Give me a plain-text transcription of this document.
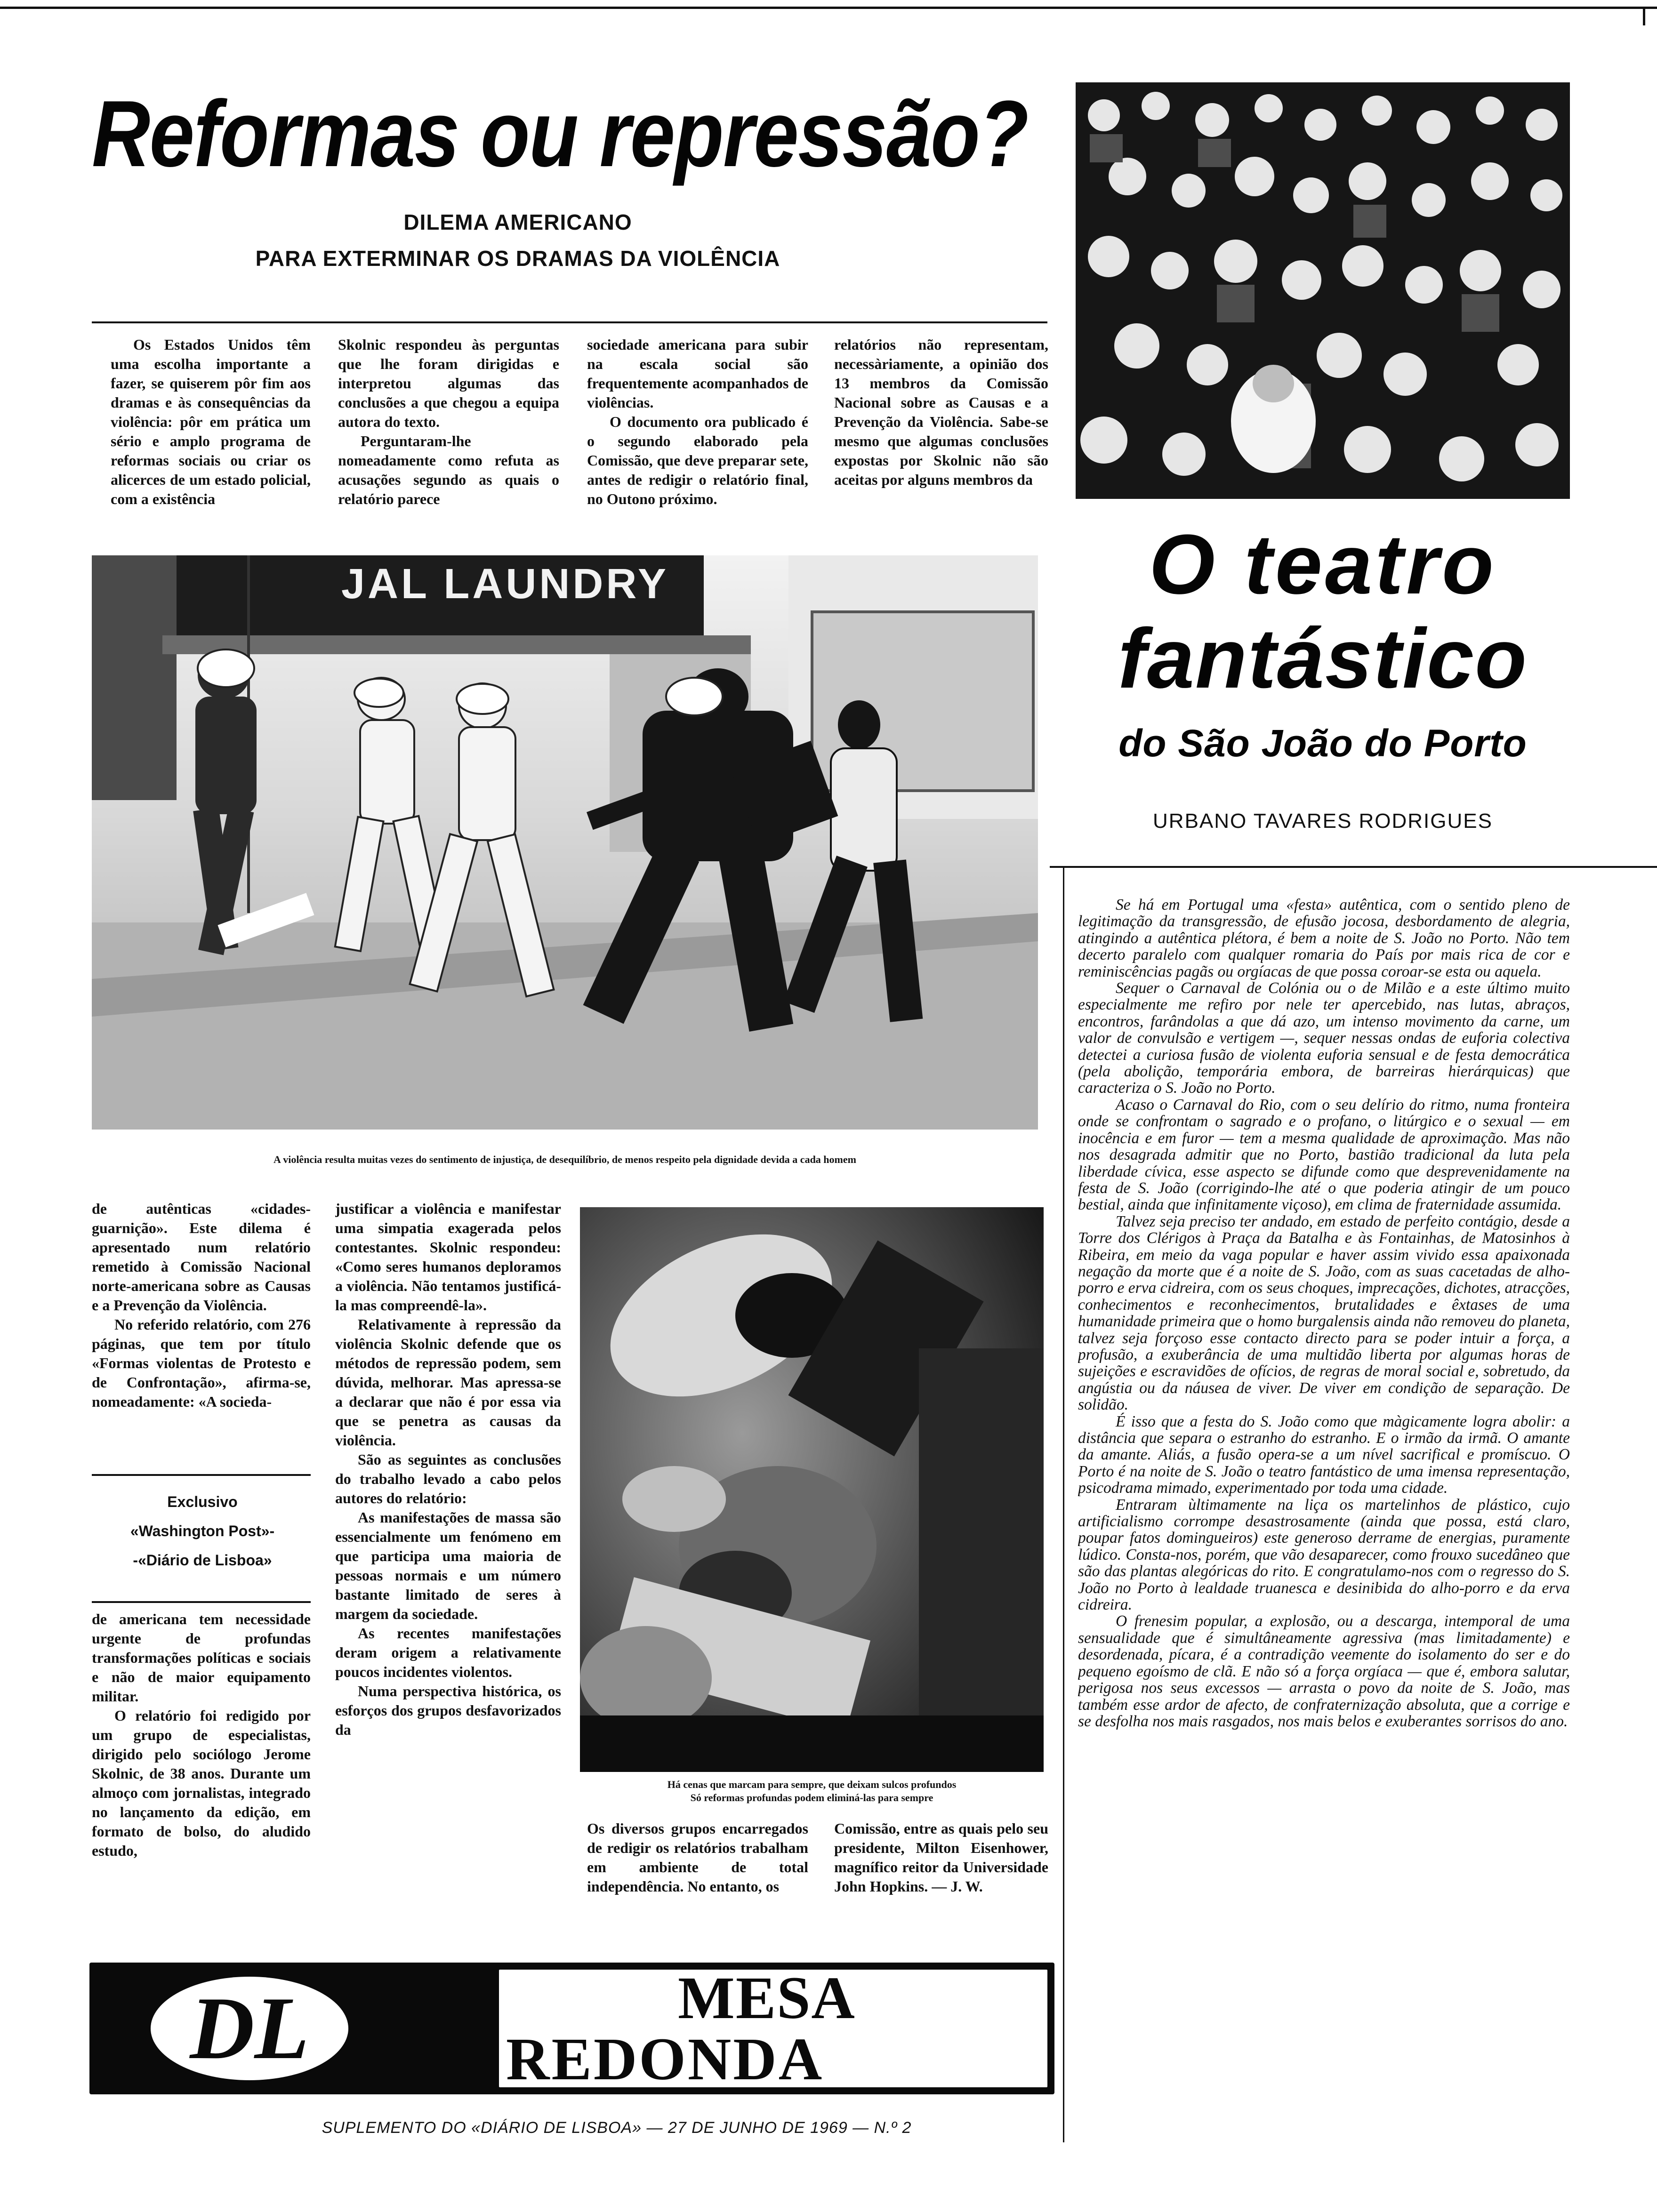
Reformas ou repressão?
DILEMA AMERICANO
PARA EXTERMINAR OS DRAMAS DA VIOLÊNCIA

Os Estados Unidos têm uma escolha importante a fazer, se quiserem pôr fim aos dramas e às consequências da violência: pôr em prática um sério e amplo programa de reformas sociais ou criar os alicerces de um estado policial, com a existência

Skolnic respondeu às perguntas que lhe foram dirigidas e interpretou algumas das conclusões a que chegou a equipa autora do texto.

Perguntaram-lhe nomeadamente como refuta as acusações segundo as quais o relatório parece

sociedade americana para subir na escala social são frequentemente acompanhados de violências.

O documento ora publicado é o segundo elaborado pela Comissão, que deve preparar sete, antes de redigir o relatório final, no Outono próximo.

relatórios não representam, necessàriamente, a opinião dos 13 membros da Comissão Nacional sobre as Causas e a Prevenção da Violência. Sabe-se mesmo que algumas conclusões expostas por Skolnic não são aceitas por alguns membros da

JAL LAUNDRY
A violência resulta muitas vezes do sentimento de injustiça, de desequilíbrio, de menos respeito pela dignidade devida a cada homem

de autênticas «cidades-guarnição». Este dilema é apresentado num relatório remetido à Comissão Nacional norte-americana sobre as Causas e a Prevenção da Violência.

No referido relatório, com 276 páginas, que tem por título «Formas violentas de Protesto e de Confrontação», afirma-se, nomeadamente: «A socieda-

Exclusivo
«Washington Post»-
-«Diário de Lisboa»

de americana tem necessidade urgente de profundas transformações políticas e sociais e não de maior equipamento militar.

O relatório foi redigido por um grupo de especialistas, dirigido pelo sociólogo Jerome Skolnic, de 38 anos. Durante um almoço com jornalistas, integrado no lançamento da edição, em formato de bolso, do aludido estudo,

justificar a violência e manifestar uma simpatia exagerada pelos contestantes. Skolnic respondeu: «Como seres humanos deploramos a violência. Não tentamos justificá-la mas compreendê-la».

Relativamente à repressão da violência Skolnic defende que os métodos de repressão podem, sem dúvida, melhorar. Mas apressa-se a declarar que não é por essa via que se penetra as causas da violência.

São as seguintes as conclusões do trabalho levado a cabo pelos autores do relatório:

As manifestações de massa são essencialmente um fenómeno em que participa uma maioria de pessoas normais e um número bastante limitado de seres à margem da sociedade.

As recentes manifestações deram origem a relativamente poucos incidentes violentos.

Numa perspectiva histórica, os esforços dos grupos desfavorizados da

Há cenas que marcam para sempre, que deixam sulcos profundos
Só reformas profundas podem eliminá-las para sempre

Os diversos grupos encarregados de redigir os relatórios trabalham em ambiente de total independência. No entanto, os

Comissão, entre as quais pelo seu presidente, Milton Eisenhower, magnífico reitor da Universidade John Hopkins. — J. W.

O teatro
fantástico
do São João do Porto
URBANO TAVARES RODRIGUES

Se há em Portugal uma «festa» autêntica, com o sentido pleno de legitimação da transgressão, de efusão jocosa, desbordamento de alegria, atingindo a autêntica plétora, é bem a noite de S. João no Porto. Não tem decerto paralelo com qualquer romaria do País por mais rica de cor e reminiscências pagãs ou orgíacas de que possa coroar-se esta ou aquela.

Sequer o Carnaval de Colónia ou o de Milão e a este último muito especialmente me refiro por nele ter apercebido, nas lutas, abraços, encontros, farândolas a que dá azo, um intenso movimento da carne, um valor de convulsão e vertigem —, sequer nessas ondas de euforia colectiva detectei a curiosa fusão de violenta euforia sensual e de festa democrática (pela abolição, temporária embora, de barreiras hierárquicas) que caracteriza o S. João no Porto.

Acaso o Carnaval do Rio, com o seu delírio do ritmo, numa fronteira onde se confrontam o sagrado e o profano, o litúrgico e o sexual — em inocência e em furor — tem a mesma qualidade de aproximação. Mas não nos desagrada admitir que no Porto, bastião tradicional da luta pela liberdade cívica, esse aspecto se difunde como que desprevenidamente na festa de S. João (corrigindo-lhe até o que poderia atingir de um pouco bestial, ainda que infinitamente viçoso), em clima de fraternidade assumida.

Talvez seja preciso ter andado, em estado de perfeito contágio, desde a Torre dos Clérigos à Praça da Batalha e às Fontainhas, de Matosinhos à Ribeira, em meio da vaga popular e haver assim vivido essa apaixonada negação da morte que é a noite de S. João, com as suas cacetadas de alho-porro e erva cidreira, com os seus choques, imprecações, dichotes, atracções, conhecimentos e reconhecimentos, brutalidades e êxtases de uma humanidade primeira que o homo burgalensis ainda não removeu do planeta, talvez seja forçoso esse contacto directo para se poder intuir a força, a profusão, a exuberância de uma multidão liberta por algumas horas de sujeições e escravidões de ofícios, de regras de moral social e, sobretudo, da angústia ou da náusea de viver. De viver em condição de separação. De solidão.

É isso que a festa do S. João como que màgicamente logra abolir: a distância que separa o estranho do estranho. E o irmão da irmã. O amante da amante. Aliás, a fusão opera-se a um nível sacrifical e promíscuo. O Porto é na noite de S. João o teatro fantástico de uma imensa representação, psicodrama mimado, experimentado por toda uma cidade.

Entraram ùltimamente na liça os martelinhos de plástico, cujo artificialismo corrompe desastrosamente (ainda que possa, está claro, poupar fatos domingueiros) este generoso derrame de energias, puramente lúdico. Consta-nos, porém, que vão desaparecer, como frouxo sucedâneo que são das plantas alegóricas do rito. E congratulamo-nos com o regresso do S. João no Porto à lealdade truanesca e desinibida do alho-porro e da erva cidreira.

O frenesim popular, a explosão, ou a descarga, intemporal de uma sensualidade que é simultâneamente agressiva (mas limitadamente) e desordenada, pícara, é a contradição veemente do isolamento do ser e do pequeno egoísmo de clã. E não só a força orgíaca — que é, embora salutar, perigosa nos seus excessos — arrasta o povo da noite de S. João, mas também esse ardor de afecto, de confraternização absoluta, que a corrige e se desfolha nos mais rasgados, nos mais belos e exuberantes sorrisos do ano.

DL	MESA
REDONDA
SUPLEMENTO DO «DIÁRIO DE LISBOA» — 27 DE JUNHO DE 1969 — N.º 2
